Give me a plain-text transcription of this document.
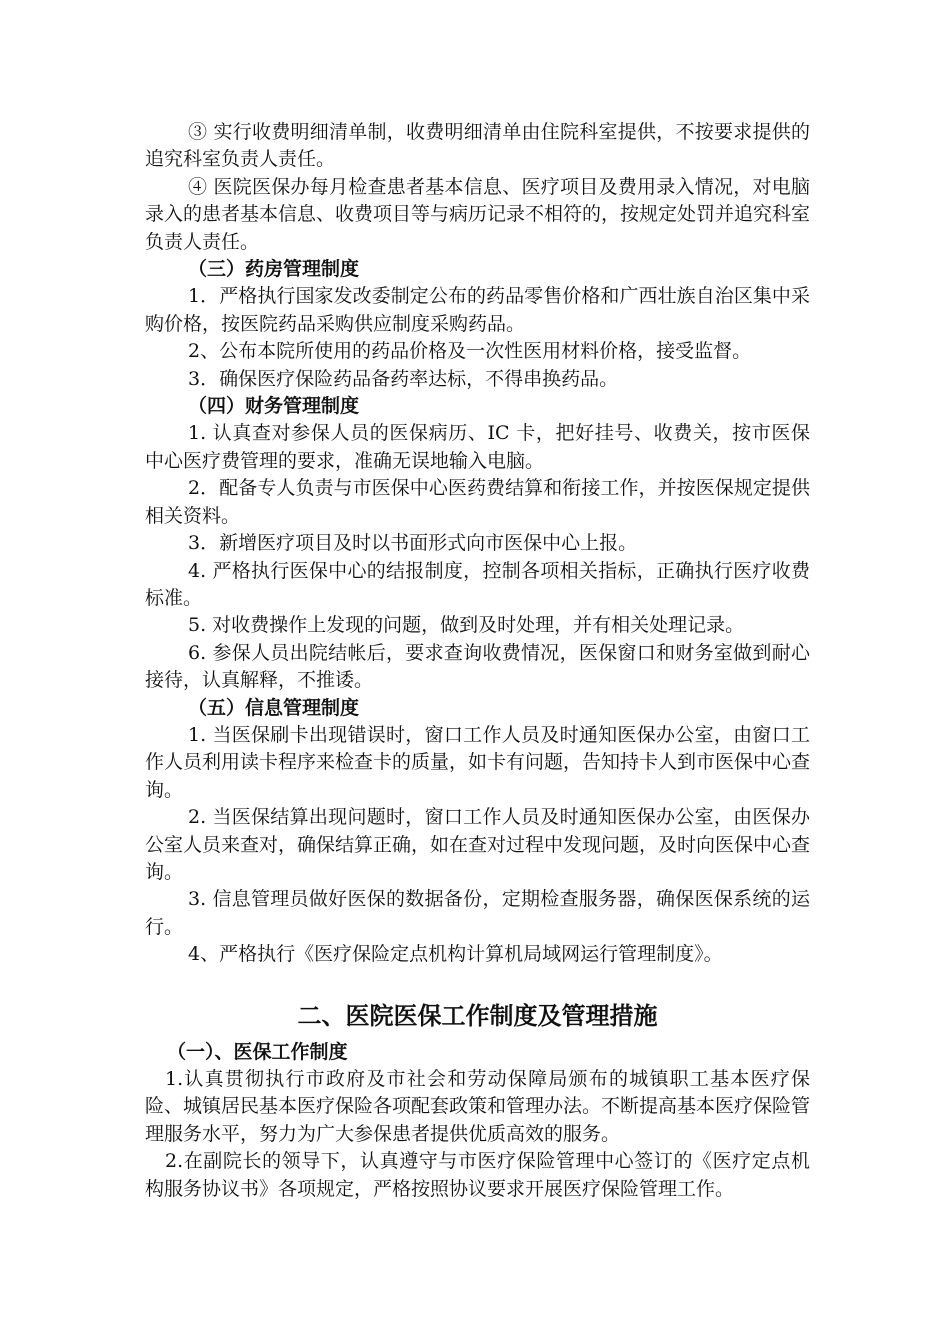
③ 实行收费明细清单制，收费明细清单由住院科室提供，不按要求提供的追究科室负责人责任。

④ 医院医保办每月检查患者基本信息、医疗项目及费用录入情况，对电脑录入的患者基本信息、收费项目等与病历记录不相符的，按规定处罚并追究科室负责人责任。

（三）药房管理制度

1．严格执行国家发改委制定公布的药品零售价格和广西壮族自治区集中采购价格，按医院药品采购供应制度采购药品。

2、公布本院所使用的药品价格及一次性医用材料价格，接受监督。

3．确保医疗保险药品备药率达标，不得串换药品。

（四）财务管理制度

1. 认真查对参保人员的医保病历、IC 卡，把好挂号、收费关，按市医保中心医疗费管理的要求，准确无误地输入电脑。

2．配备专人负责与市医保中心医药费结算和衔接工作，并按医保规定提供相关资料。

3．新增医疗项目及时以书面形式向市医保中心上报。

4. 严格执行医保中心的结报制度，控制各项相关指标，正确执行医疗收费标准。

5. 对收费操作上发现的问题，做到及时处理，并有相关处理记录。

6. 参保人员出院结帐后，要求查询收费情况，医保窗口和财务室做到耐心接待，认真解释，不推诿。

（五）信息管理制度

1. 当医保刷卡出现错误时，窗口工作人员及时通知医保办公室，由窗口工作人员利用读卡程序来检查卡的质量，如卡有问题，告知持卡人到市医保中心查询。

2. 当医保结算出现问题时，窗口工作人员及时通知医保办公室，由医保办公室人员来查对，确保结算正确，如在查对过程中发现问题，及时向医保中心查询。

3. 信息管理员做好医保的数据备份，定期检查服务器，确保医保系统的运行。

4、严格执行《医疗保险定点机构计算机局域网运行管理制度》。

二、医院医保工作制度及管理措施

（一）、医保工作制度

1.认真贯彻执行市政府及市社会和劳动保障局颁布的城镇职工基本医疗保险、城镇居民基本医疗保险各项配套政策和管理办法。不断提高基本医疗保险管理服务水平，努力为广大参保患者提供优质高效的服务。

2.在副院长的领导下，认真遵守与市医疗保险管理中心签订的《医疗定点机构服务协议书》各项规定，严格按照协议要求开展医疗保险管理工作。
